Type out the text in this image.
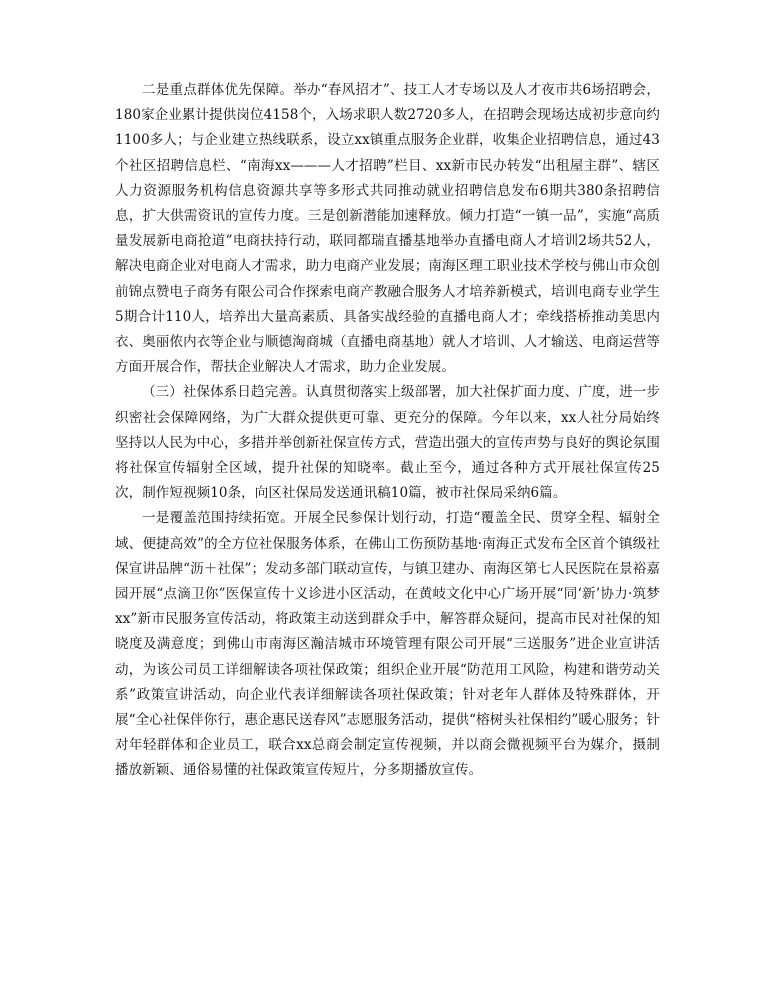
二是重点群体优先保障。举办“春风招才”、技工人才专场以及人才夜市共6场招聘会，180家企业累计提供岗位4158个，入场求职人数2720多人，在招聘会现场达成初步意向约1100多人；与企业建立热线联系，设立xx镇重点服务企业群，收集企业招聘信息，通过43个社区招聘信息栏、“南海xx———人才招聘”栏目、xx新市民办转发“出租屋主群”、辖区人力资源服务机构信息资源共享等多形式共同推动就业招聘信息发布6期共380条招聘信息，扩大供需资讯的宣传力度。三是创新潜能加速释放。倾力打造“一镇一品”，实施“高质量发展新电商抢道”电商扶持行动，联同都瑞直播基地举办直播电商人才培训2场共52人，解决电商企业对电商人才需求，助力电商产业发展；南海区理工职业技术学校与佛山市众创前锦点赞电子商务有限公司合作探索电商产教融合服务人才培养新模式，培训电商专业学生5期合计110人，培养出大量高素质、具备实战经验的直播电商人才；牵线搭桥推动美思内衣、奥丽侬内衣等企业与顺德淘商城（直播电商基地）就人才培训、人才输送、电商运营等方面开展合作，帮扶企业解决人才需求，助力企业发展。

（三）社保体系日趋完善。认真贯彻落实上级部署，加大社保扩面力度、广度，进一步织密社会保障网络，为广大群众提供更可靠、更充分的保障。今年以来，xx人社分局始终坚持以人民为中心，多措并举创新社保宣传方式，营造出强大的宣传声势与良好的舆论氛围将社保宣传辐射全区域，提升社保的知晓率。截止至今，通过各种方式开展社保宣传25次，制作短视频10条，向区社保局发送通讯稿10篇，被市社保局采纳6篇。

一是覆盖范围持续拓宽。开展全民参保计划行动，打造“覆盖全民、贯穿全程、辐射全域、便捷高效”的全方位社保服务体系，在佛山工伤预防基地·南海正式发布全区首个镇级社保宣讲品牌“沥＋社保”；发动多部门联动宣传，与镇卫建办、南海区第七人民医院在景裕嘉园开展“点滴卫你”医保宣传十义诊进小区活动，在黄岐文化中心广场开展“同‘新’协力·筑梦xx”新市民服务宣传活动，将政策主动送到群众手中，解答群众疑问，提高市民对社保的知晓度及满意度；到佛山市南海区瀚洁城市环境管理有限公司开展“三送服务”进企业宣讲活动，为该公司员工详细解读各项社保政策；组织企业开展“防范用工风险，构建和谐劳动关系”政策宣讲活动，向企业代表详细解读各项社保政策；针对老年人群体及特殊群体，开展“全心社保伴你行，惠企惠民送春风”志愿服务活动，提供“榕树头社保相约”暖心服务；针对年轻群体和企业员工，联合xx总商会制定宣传视频，并以商会微视频平台为媒介，摄制播放新颖、通俗易懂的社保政策宣传短片，分多期播放宣传。
